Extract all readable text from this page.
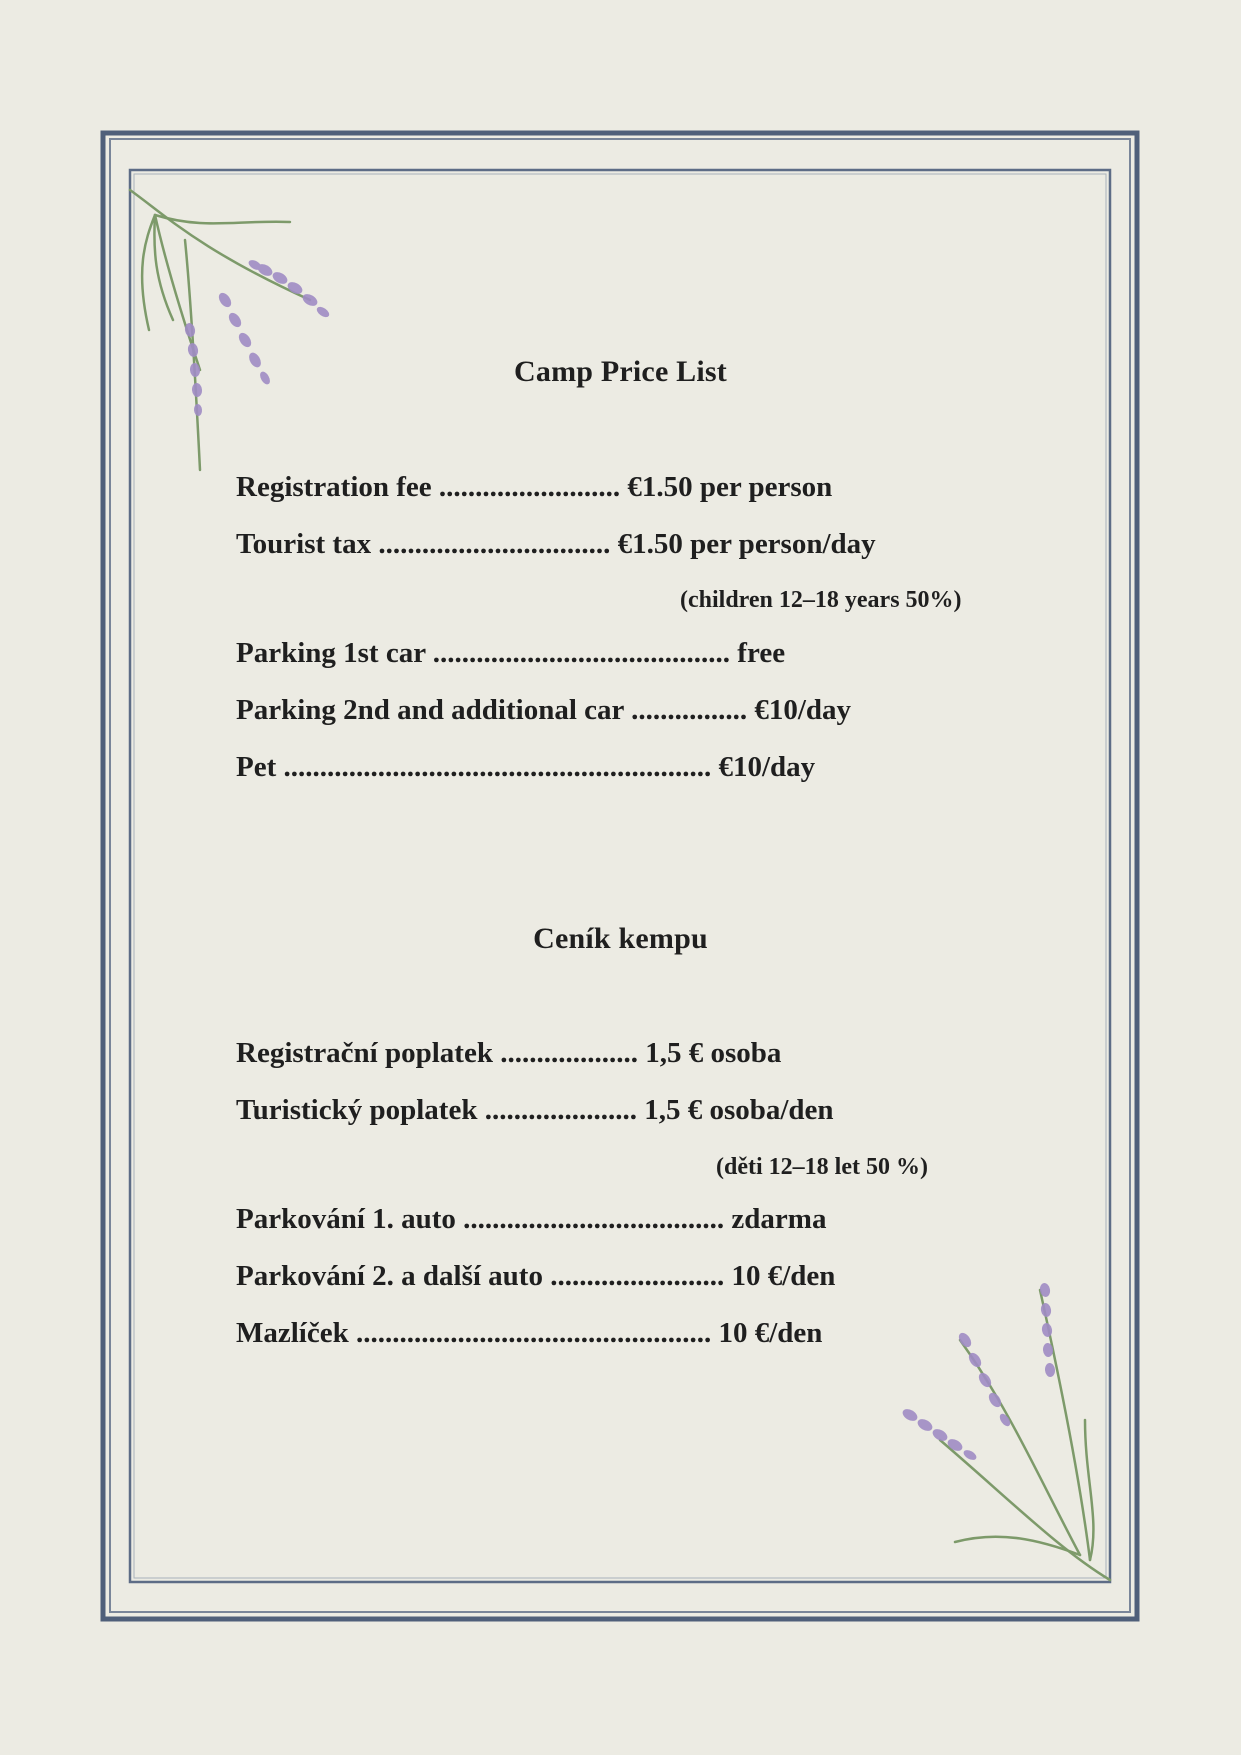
Camp Price List
Registration fee ......................... €1.50 per person
Tourist tax ................................ €1.50 per person/day
(children 12–18 years 50%)
Parking 1st car ......................................... free
Parking 2nd and additional car ................ €10/day
Pet ........................................................... €10/day
Ceník kempu
Registrační poplatek ................... 1,5 € osoba
Turistický poplatek ..................... 1,5 € osoba/den
(děti 12–18 let 50 %)
Parkování 1. auto .................................... zdarma
Parkování 2. a další auto ........................ 10 €/den
Mazlíček ................................................. 10 €/den
